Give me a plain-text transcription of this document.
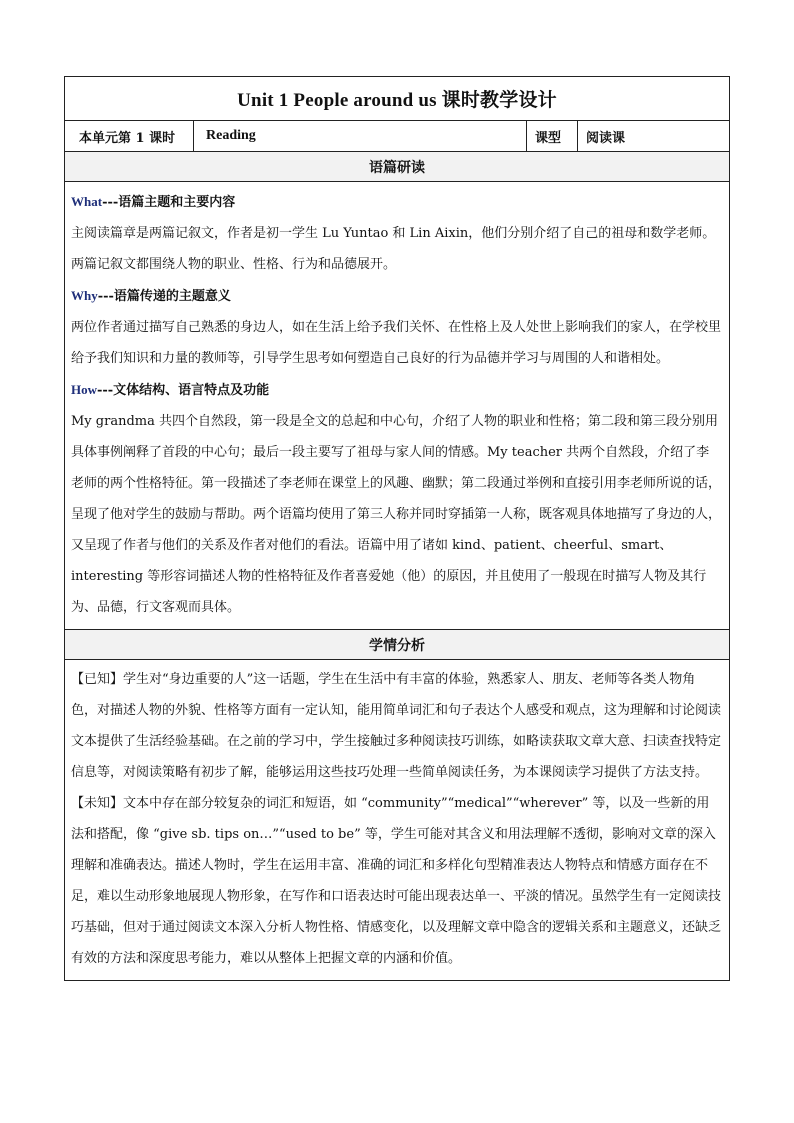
Unit 1 People around us 课时教学设计
本单元第 1 课时	Reading	课型	阅读课
语篇研读

What---语篇主题和主要内容

主阅读篇章是两篇记叙文，作者是初一学生 Lu Yuntao 和 Lin Aixin，他们分别介绍了自己的祖母和数学老师。两篇记叙文都围绕人物的职业、性格、行为和品德展开。

Why---语篇传递的主题意义

两位作者通过描写自己熟悉的身边人，如在生活上给予我们关怀、在性格上及人处世上影响我们的家人，在学校里给予我们知识和力量的教师等，引导学生思考如何塑造自己良好的行为品德并学习与周围的人和谐相处。

How---文体结构、语言特点及功能

My grandma 共四个自然段，第一段是全文的总起和中心句，介绍了人物的职业和性格；第二段和第三段分别用具体事例阐释了首段的中心句；最后一段主要写了祖母与家人间的情感。My teacher 共两个自然段，介绍了李老师的两个性格特征。第一段描述了李老师在课堂上的风趣、幽默；第二段通过举例和直接引用李老师所说的话，呈现了他对学生的鼓励与帮助。两个语篇均使用了第三人称并同时穿插第一人称，既客观具体地描写了身边的人，又呈现了作者与他们的关系及作者对他们的看法。语篇中用了诸如 kind、patient、cheerful、smart、interesting 等形容词描述人物的性格特征及作者喜爱她（他）的原因，并且使用了一般现在时描写人物及其行为、品德，行文客观而具体。

学情分析

【已知】学生对“身边重要的人”这一话题，学生在生活中有丰富的体验，熟悉家人、朋友、老师等各类人物角色，对描述人物的外貌、性格等方面有一定认知，能用简单词汇和句子表达个人感受和观点，这为理解和讨论阅读文本提供了生活经验基础。在之前的学习中，学生接触过多种阅读技巧训练，如略读获取文章大意、扫读查找特定信息等，对阅读策略有初步了解，能够运用这些技巧处理一些简单阅读任务，为本课阅读学习提供了方法支持。

【未知】文本中存在部分较复杂的词汇和短语，如 “community”“medical”“wherever” 等，以及一些新的用法和搭配，像 “give sb. tips on…”“used to be” 等，学生可能对其含义和用法理解不透彻，影响对文章的深入理解和准确表达。描述人物时，学生在运用丰富、准确的词汇和多样化句型精准表达人物特点和情感方面存在不足，难以生动形象地展现人物形象，在写作和口语表达时可能出现表达单一、平淡的情况。虽然学生有一定阅读技巧基础，但对于通过阅读文本深入分析人物性格、情感变化，以及理解文章中隐含的逻辑关系和主题意义，还缺乏有效的方法和深度思考能力，难以从整体上把握文章的内涵和价值。
